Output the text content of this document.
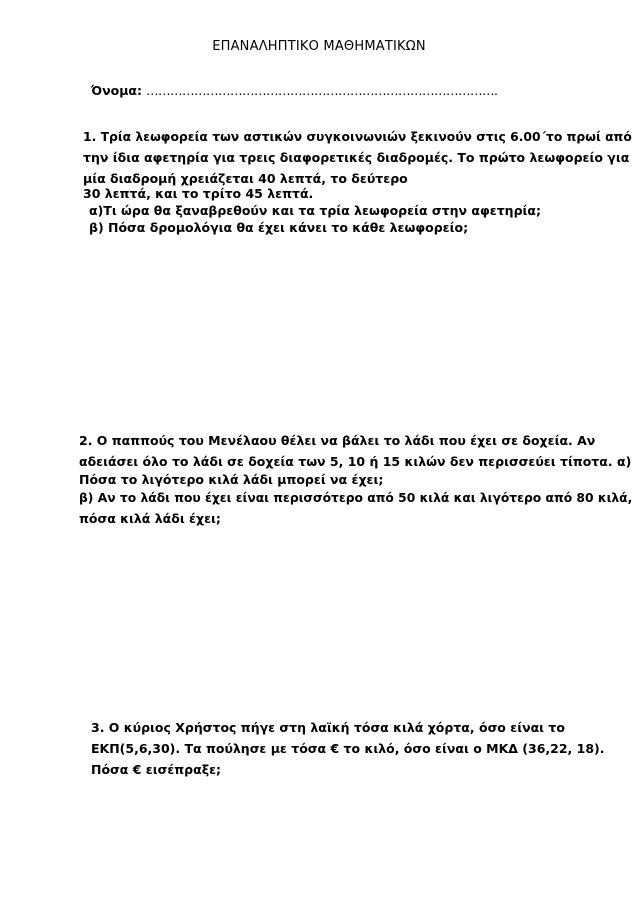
ΕΠΑΝΑΛΗΠΤΙΚΟ ΜΑΘΗΜΑΤΙΚΩΝ
Όνομα: …………………………………………………………………………….
1. Τρία λεωφορεία των αστικών συγκοινωνιών ξεκινούν στις 6.00΄το πρωί από
την ίδια αφετηρία για τρεις διαφορετικές διαδρομές. Το πρώτο λεωφορείο για
μία διαδρομή χρειάζεται 40 λεπτά, το δεύτερο
30 λεπτά, και το τρίτο 45 λεπτά.
α)Τι ώρα θα ξαναβρεθούν και τα τρία λεωφορεία στην αφετηρία;
β) Πόσα δρομολόγια θα έχει κάνει το κάθε λεωφορείο;
2. Ο παππούς του Μενέλαου θέλει να βάλει το λάδι που έχει σε δοχεία. Αν
αδειάσει όλο το λάδι σε δοχεία των 5, 10 ή 15 κιλών δεν περισσεύει τίποτα. α)
Πόσα το λιγότερο κιλά λάδι μπορεί να έχει;
β) Αν το λάδι που έχει είναι περισσότερο από 50 κιλά και λιγότερο από 80 κιλά,
πόσα κιλά λάδι έχει;
3. Ο κύριος Χρήστος πήγε στη λαϊκή τόσα κιλά χόρτα, όσο είναι το
ΕΚΠ(5,6,30). Τα πούλησε με τόσα € το κιλό, όσο είναι ο ΜΚΔ (36,22, 18).
Πόσα € εισέπραξε;
